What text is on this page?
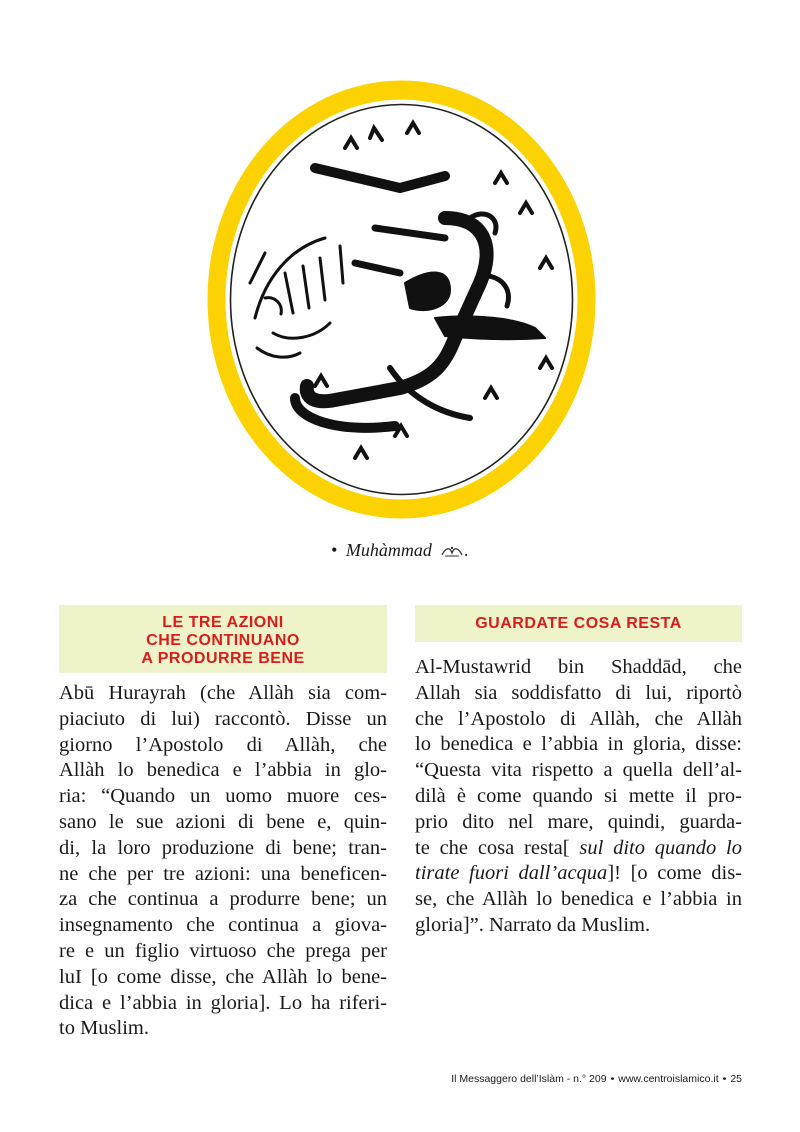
• Muhàmmad .
LE TRE AZIONI
CHE CONTINUANO
A PRODURRE BENE
Abū Hurayrah (che Allàh sia com-
piaciuto di lui) raccontò. Disse un
giorno l’Apostolo di Allàh, che
Allàh lo benedica e l’abbia in glo-
ria: “Quando un uomo muore ces-
sano le sue azioni di bene e, quin-
di, la loro produzione di bene; tran-
ne che per tre azioni: una beneficen-
za che continua a produrre bene; un
insegnamento che continua a giova-
re e un figlio virtuoso che prega per
luI [o come disse, che Allàh lo bene-
dica e l’abbia in gloria]. Lo ha riferi-
to Muslim.
GUARDATE COSA RESTA
Al-Mustawrid bin Shaddād, che
Allah sia soddisfatto di lui, riportò
che l’Apostolo di Allàh, che Allàh
lo benedica e l’abbia in gloria, disse:
“Questa vita rispetto a quella dell’al-
dilà è come quando si mette il pro-
prio dito nel mare, quindi, guarda-
te che cosa resta[ sul dito quando lo
tirate fuori dall’acqua]! [o come dis-
se, che Allàh lo benedica e l’abbia in
gloria]”. Narrato da Muslim.
Il Messaggero dell’Islàm - n.° 209 • www.centroislamico.it • 25
